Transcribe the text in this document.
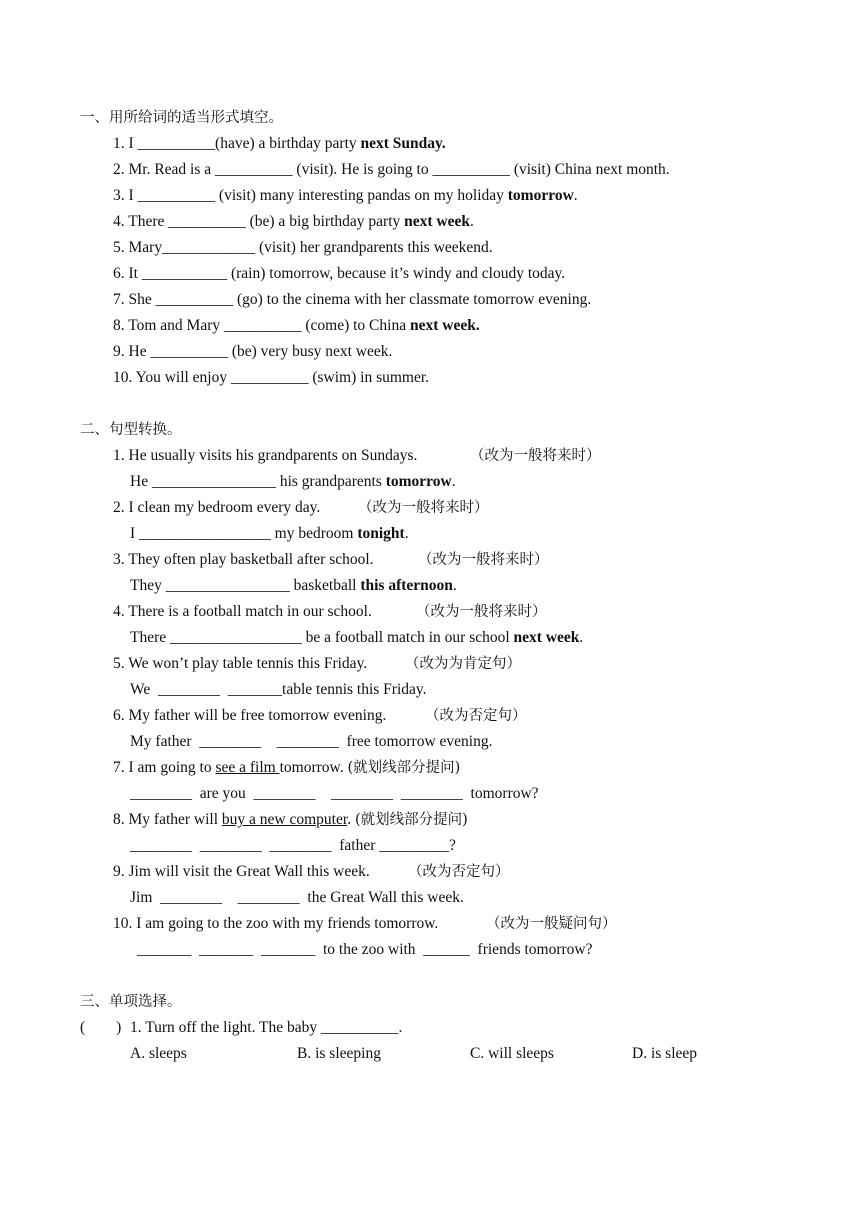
一、用所给词的适当形式填空。
1. I __________(have) a birthday party next Sunday.
2. Mr. Read is a __________ (visit). He is going to __________ (visit) China next month.
3. I __________ (visit) many interesting pandas on my holiday tomorrow.
4. There __________ (be) a big birthday party next week.
5. Mary____________ (visit) her grandparents this weekend.
6. It ___________ (rain) tomorrow, because it’s windy and cloudy today.
7. She __________ (go) to the cinema with her classmate tomorrow evening.
8. Tom and Mary __________ (come) to China next week.
9. He __________ (be) very busy next week.
10. You will enjoy __________ (swim) in summer.
二、句型转换。
1. He usually visits his grandparents on Sundays.	（改为一般将来时）
He ________________ his grandparents tomorrow.
2. I clean my bedroom every day.	（改为一般将来时）
I _________________ my bedroom tonight.
3. They often play basketball after school.	（改为一般将来时）
They ________________ basketball this afternoon.
4. There is a football match in our school.	（改为一般将来时）
There _________________ be a football match in our school next week.
5. We won’t play table tennis this Friday.	（改为为肯定句）
We  ________  _______table tennis this Friday.
6. My father will be free tomorrow evening.	（改为否定句）
My father  ________    ________  free tomorrow evening.
7. I am going to see a film tomorrow. (就划线部分提问)
________  are you  ________    ________  ________  tomorrow?
8. My father will buy a new computer. (就划线部分提问)
________  ________  ________  father _________?
9. Jim will visit the Great Wall this week.	（改为否定句）
Jim  ________    ________  the Great Wall this week.
10. I am going to the zoo with my friends tomorrow.	（改为一般疑问句）
_______  _______  _______  to the zoo with  ______  friends tomorrow?
三、单项选择。
(        ) 1. Turn off the light. The baby __________.
A. sleeps	B. is sleeping	C. will sleeps	D. is sleep
